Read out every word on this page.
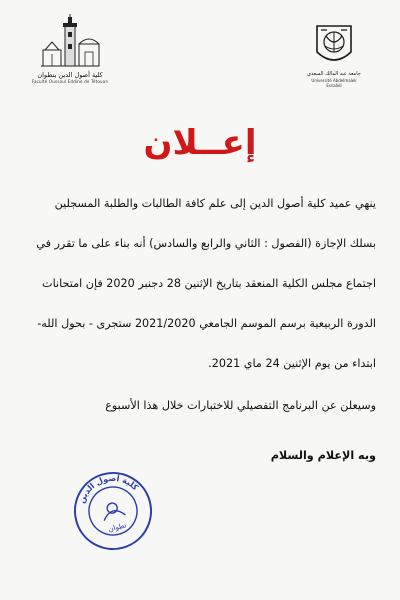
كلية أصول الدين بتطوان
Faculté Oussoul Eddine de Tétouan
جامعة عبد المالك السعدي
Université Abdelmalek Essaâdi
إعــلان
ينهي عميد كلية أصول الدين إلى علم كافة الطالبات والطلبة المسجلين
بسلك الإجازة (الفصول : الثاني والرابع والسادس) أنه بناء على ما تقرر في
اجتماع مجلس الكلية المنعقد بتاريخ الإثنين 28 دجنبر 2020 فإن امتحانات
الدورة الربيعية برسم الموسم الجامعي 2021/2020 ستجرى - بحول الله-
ابتداء من يوم الإثنين 24 ماي 2021.
وسيعلن عن البرنامج التفصيلي للاختبارات خلال هذا الأسبوع
وبه الإعلام والسلام
كلية أصول الدين
تطوان
